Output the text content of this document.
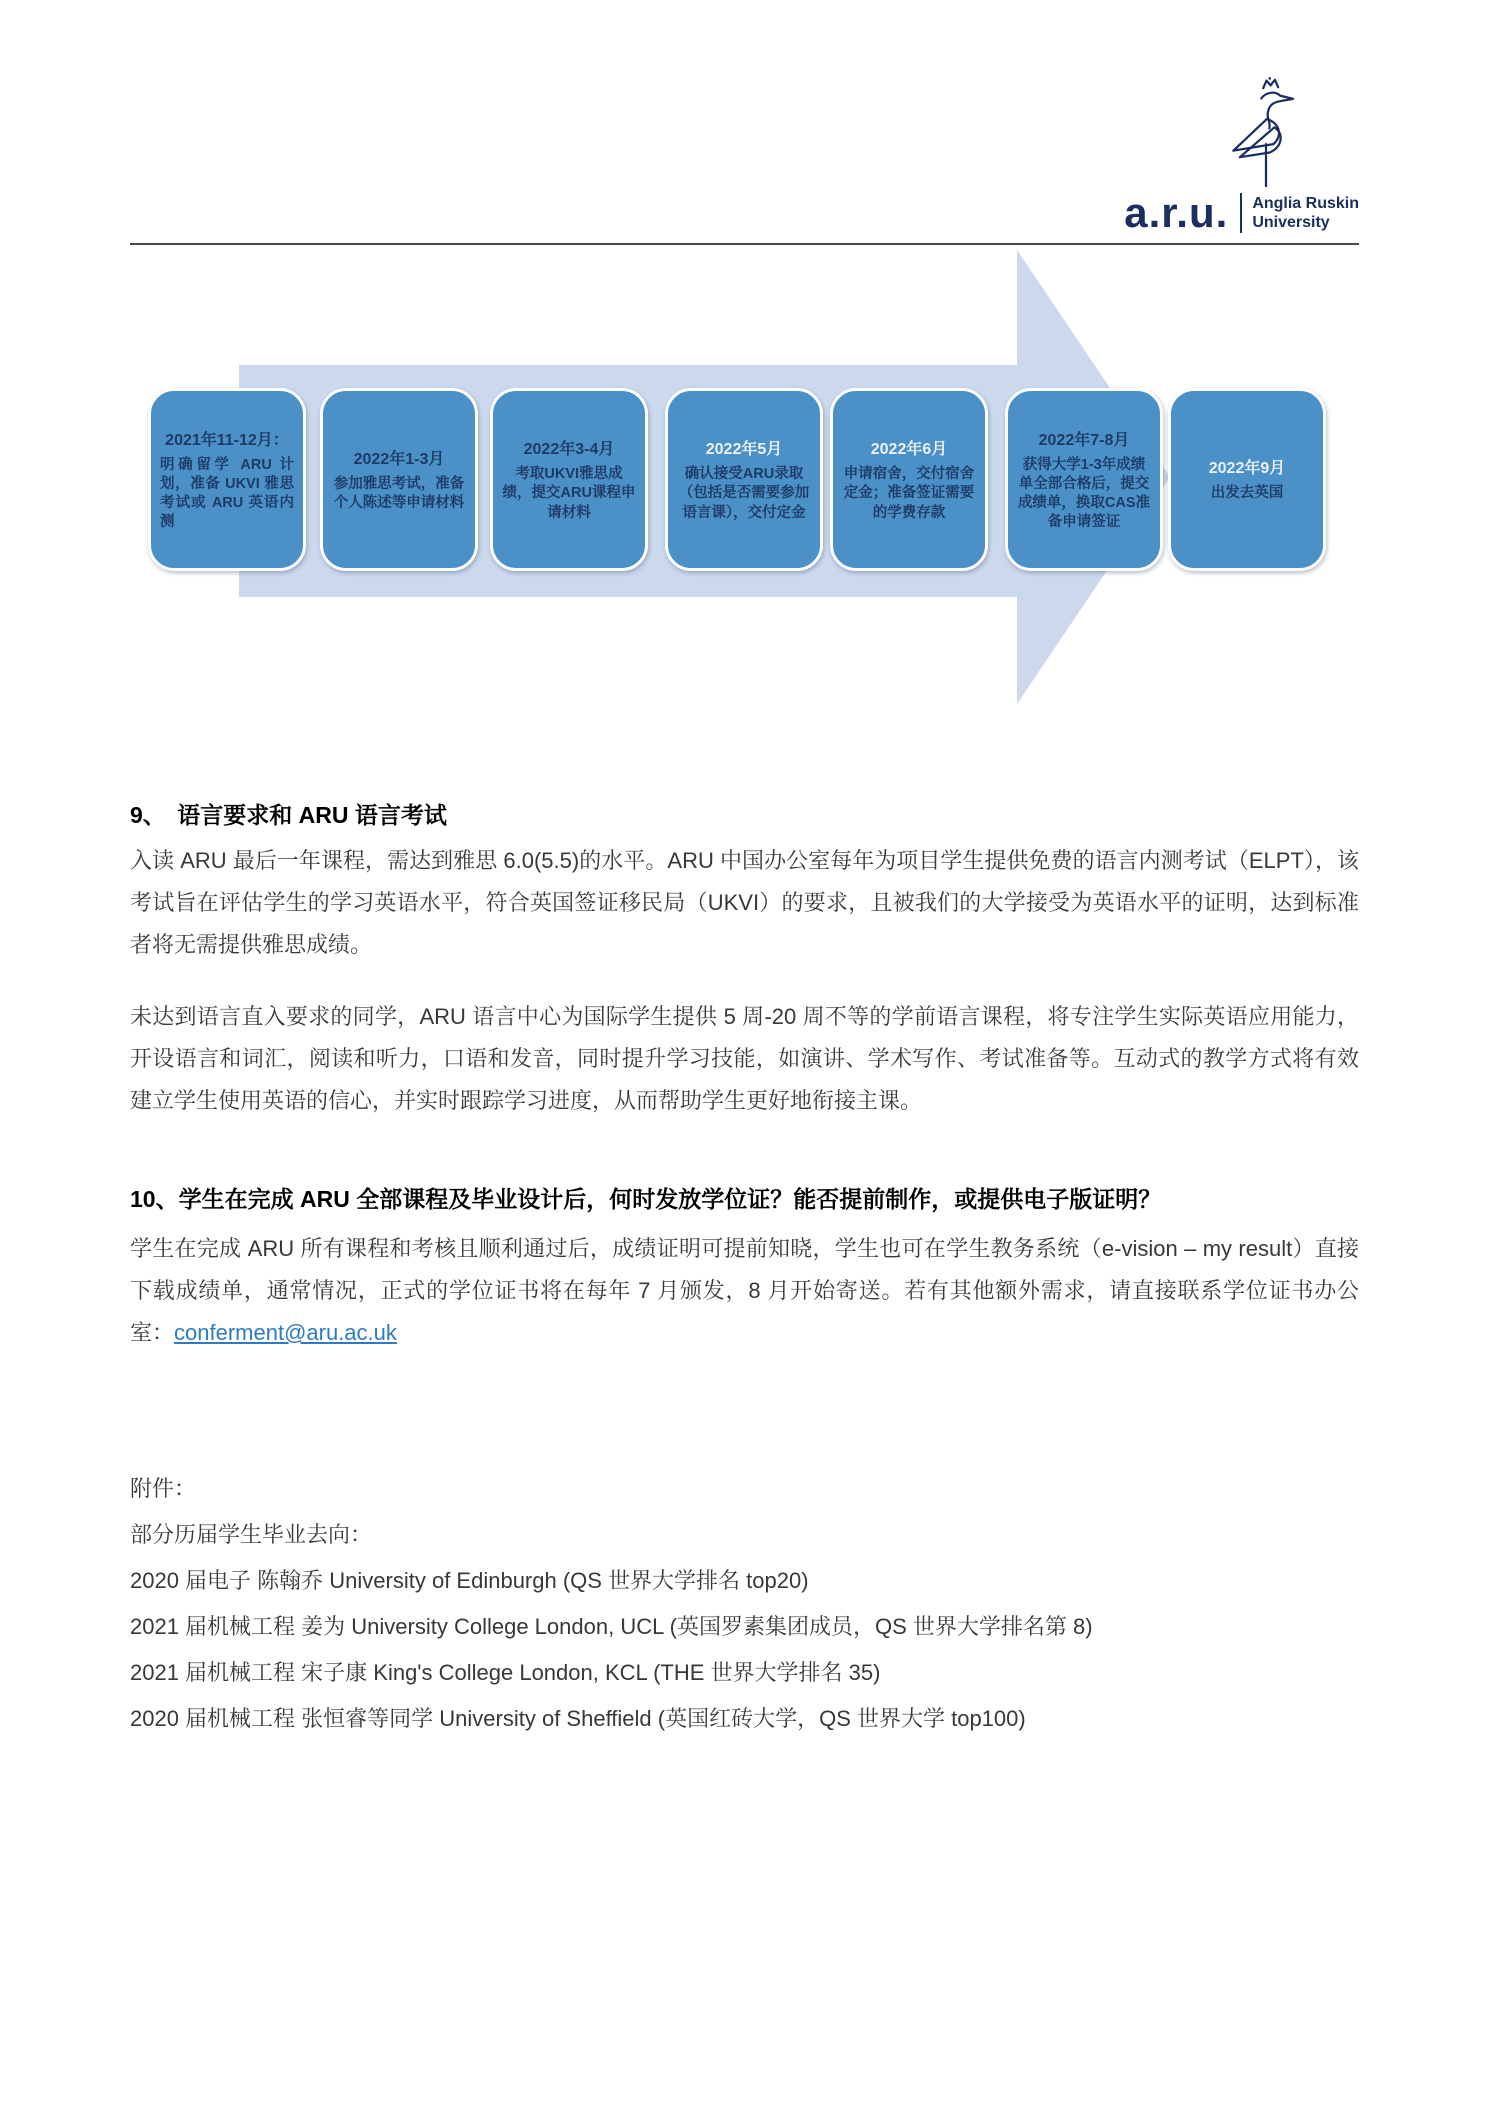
a.r.u. Anglia Ruskin
University
2021年11-12月：
明确留学 ARU 计划，准备 UKVI 雅思考试或 ARU 英语内测
2022年1-3月
参加雅思考试，准备个人陈述等申请材料
2022年3-4月
考取UKVI雅思成绩，提交ARU课程申请材料
2022年5月
确认接受ARU录取（包括是否需要参加语言课），交付定金
2022年6月
申请宿舍，交付宿舍定金；准备签证需要的学费存款
2022年7-8月
获得大学1-3年成绩单全部合格后，提交成绩单，换取CAS准备申请签证
2022年9月
出发去英国
9、　语言要求和 ARU 语言考试

入读 ARU 最后一年课程，需达到雅思 6.0(5.5)的水平。ARU 中国办公室每年为项目学生提供免费的语言内测考试（ELPT），该考试旨在评估学生的学习英语水平，符合英国签证移民局（UKVI）的要求，且被我们的大学接受为英语水平的证明，达到标准者将无需提供雅思成绩。

未达到语言直入要求的同学，ARU 语言中心为国际学生提供 5 周-20 周不等的学前语言课程，将专注学生实际英语应用能力，开设语言和词汇，阅读和听力，口语和发音，同时提升学习技能，如演讲、学术写作、考试准备等。互动式的教学方式将有效建立学生使用英语的信心，并实时跟踪学习进度，从而帮助学生更好地衔接主课。

10、学生在完成 ARU 全部课程及毕业设计后，何时发放学位证？能否提前制作，或提供电子版证明？

学生在完成 ARU 所有课程和考核且顺利通过后，成绩证明可提前知晓，学生也可在学生教务系统（e-vision – my result）直接下载成绩单，通常情况，正式的学位证书将在每年 7 月颁发，8 月开始寄送。若有其他额外需求，请直接联系学位证书办公室：conferment@aru.ac.uk

附件：
部分历届学生毕业去向：
2020 届电子 陈翰乔 University of Edinburgh (QS 世界大学排名 top20)
2021 届机械工程 姜为 University College London, UCL (英国罗素集团成员，QS 世界大学排名第 8)
2021 届机械工程 宋子康 King's College London, KCL (THE 世界大学排名 35)
2020 届机械工程 张恒睿等同学 University of Sheffield (英国红砖大学，QS 世界大学 top100)
